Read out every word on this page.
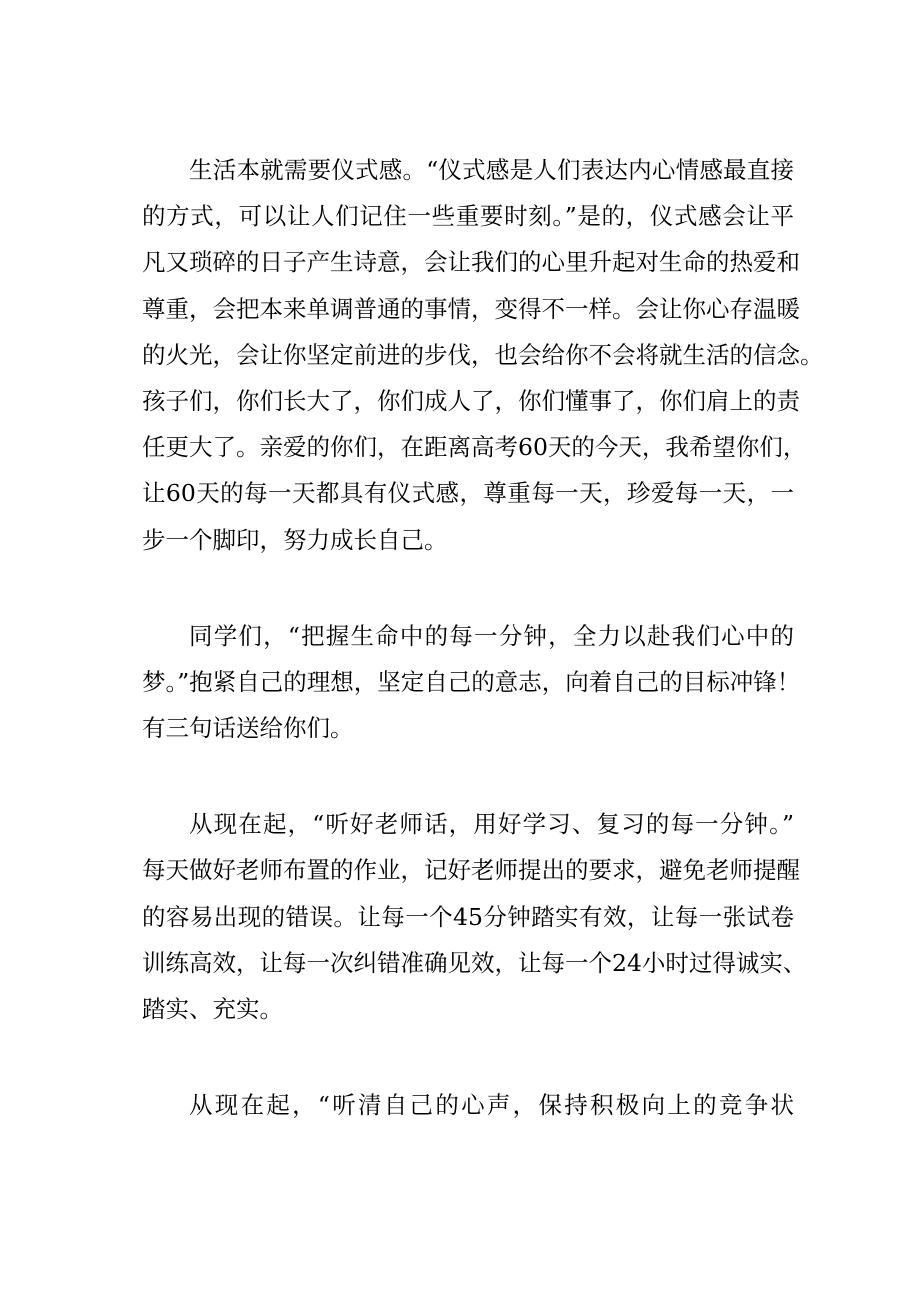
生活本就需要仪式感。“仪式感是人们表达内心情感最直接
的方式，可以让人们记住一些重要时刻。”是的，仪式感会让平
凡又琐碎的日子产生诗意，会让我们的心里升起对生命的热爱和
尊重，会把本来单调普通的事情，变得不一样。会让你心存温暖
的火光，会让你坚定前进的步伐，也会给你不会将就生活的信念。
孩子们，你们长大了，你们成人了，你们懂事了，你们肩上的责
任更大了。亲爱的你们，在距离高考60天的今天，我希望你们，
让60天的每一天都具有仪式感，尊重每一天，珍爱每一天，一
步一个脚印，努力成长自己。

同学们，“把握生命中的每一分钟，全力以赴我们心中的
梦。”抱紧自己的理想，坚定自己的意志，向着自己的目标冲锋！
有三句话送给你们。

从现在起，“听好老师话，用好学习、复习的每一分钟。”
每天做好老师布置的作业，记好老师提出的要求，避免老师提醒
的容易出现的错误。让每一个45分钟踏实有效，让每一张试卷
训练高效，让每一次纠错准确见效，让每一个24小时过得诚实、
踏实、充实。

从现在起，“听清自己的心声，保持积极向上的竞争状
